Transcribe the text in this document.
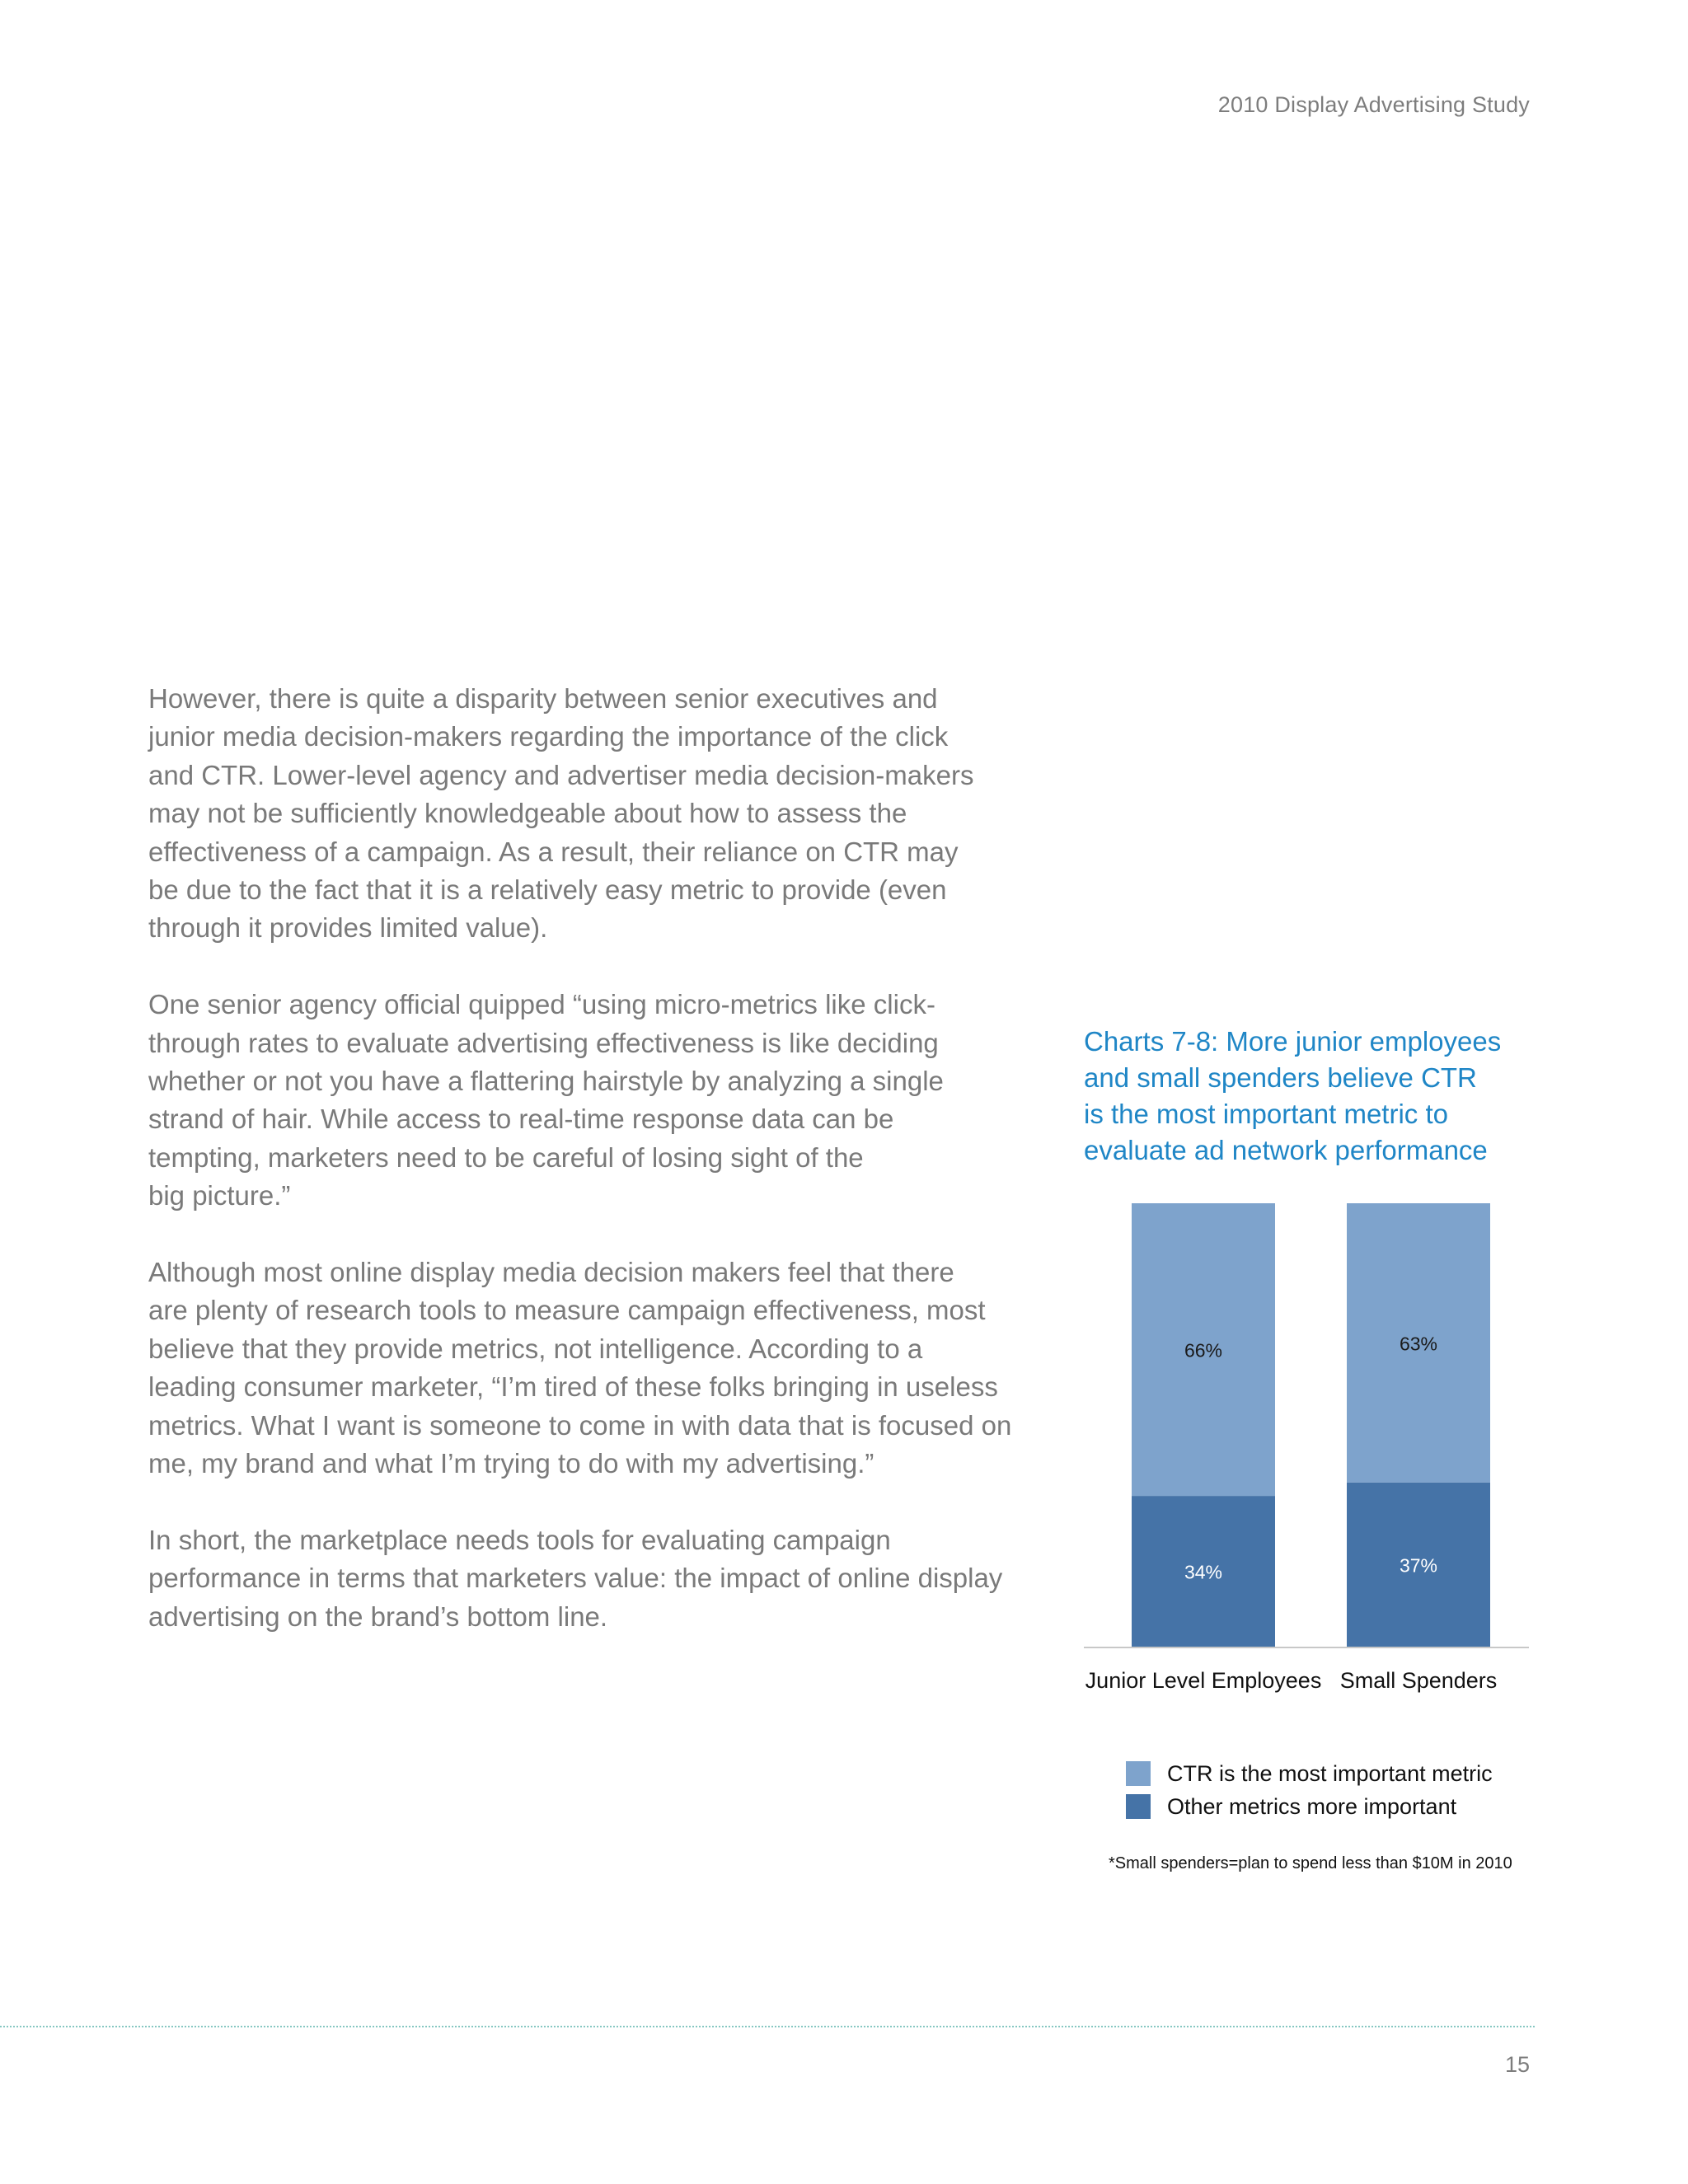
2010 Display Advertising Study

However, there is quite a disparity between senior executives and
junior media decision-makers regarding the importance of the click
and CTR. Lower-level agency and advertiser media decision-makers
may not be sufficiently knowledgeable about how to assess the
effectiveness of a campaign. As a result, their reliance on CTR may
be due to the fact that it is a relatively easy metric to provide (even
through it provides limited value).

One senior agency official quipped “using micro-metrics like click-
through rates to evaluate advertising effectiveness is like deciding
whether or not you have a flattering hairstyle by analyzing a single
strand of hair. While access to real-time response data can be
tempting, marketers need to be careful of losing sight of the
big picture.”

Although most online display media decision makers feel that there
are plenty of research tools to measure campaign effectiveness, most
believe that they provide metrics, not intelligence. According to a
leading consumer marketer, “I’m tired of these folks bringing in useless
metrics. What I want is someone to come in with data that is focused on
me, my brand and what I’m trying to do with my advertising.”

In short, the marketplace needs tools for evaluating campaign
performance in terms that marketers value: the impact of online display
advertising on the brand’s bottom line.

Charts 7-8: More junior employees
and small spenders believe CTR
is the most important metric to
evaluate ad network performance
34%
66%
Junior Level Employees
37%
63%
Small Spenders
CTR is the most important metric
Other metrics more important
*Small spenders=plan to spend less than $10M in 2010
15
